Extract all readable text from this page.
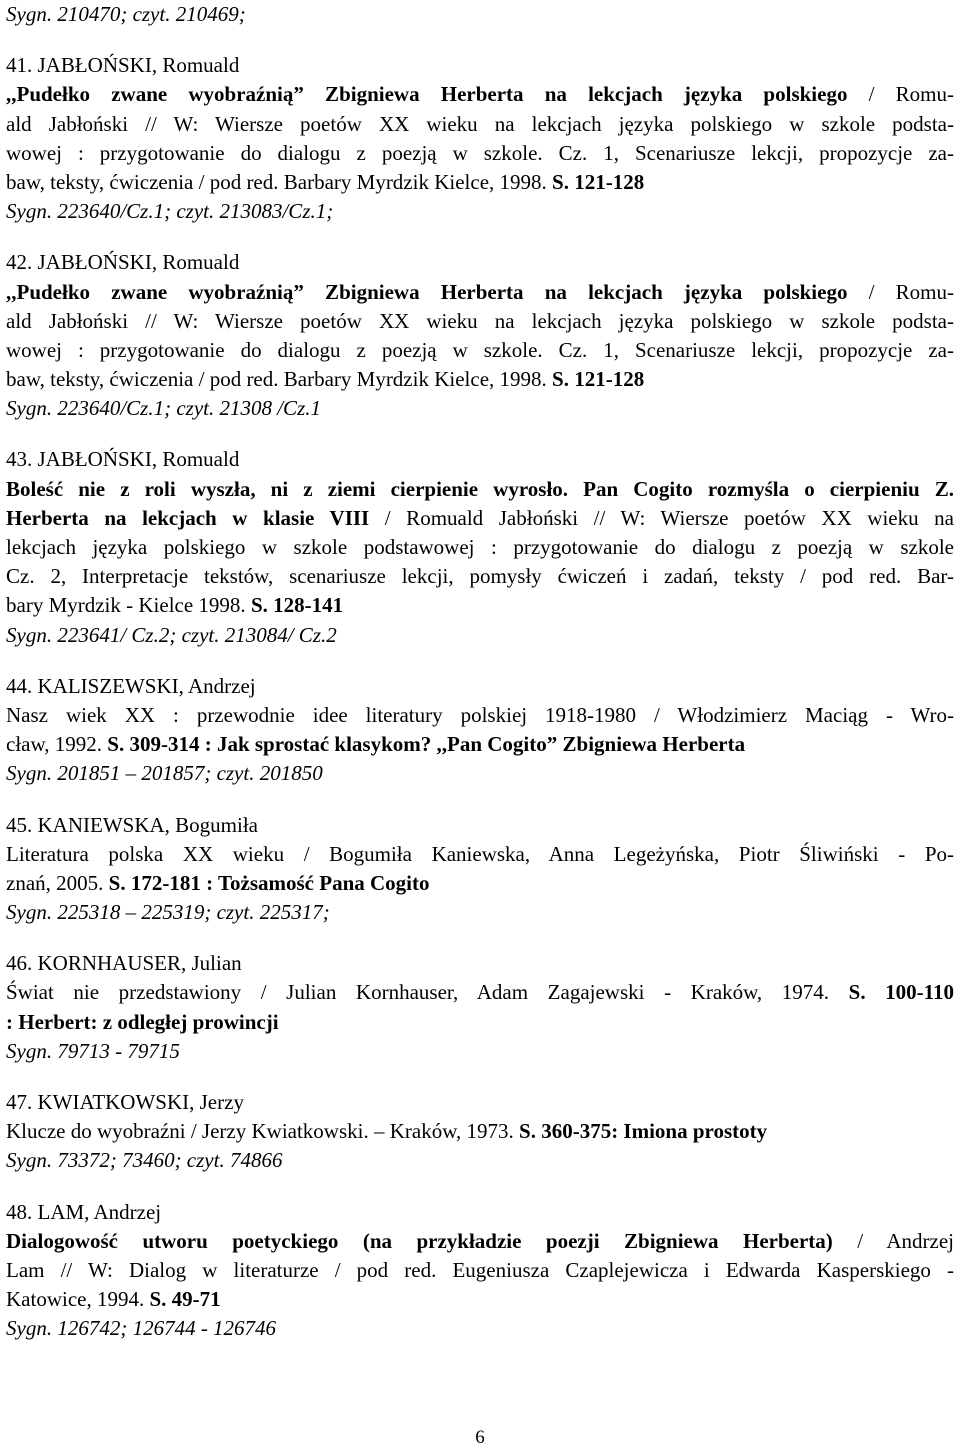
Sygn. 210470; czyt. 210469;
41. JABŁOŃSKI, Romuald
,,Pudełko zwane wyobraźnią” Zbigniewa Herberta na lekcjach języka polskiego / Romu-
ald Jabłoński // W: Wiersze poetów XX wieku na lekcjach języka polskiego w szkole podsta-
wowej : przygotowanie do dialogu z poezją w szkole. Cz. 1, Scenariusze lekcji, propozycje za-
baw, teksty, ćwiczenia / pod red. Barbary Myrdzik Kielce, 1998. S. 121-128
Sygn. 223640/Cz.1; czyt. 213083/Cz.1;
42. JABŁOŃSKI, Romuald
,,Pudełko zwane wyobraźnią” Zbigniewa Herberta na lekcjach języka polskiego / Romu-
ald Jabłoński // W: Wiersze poetów XX wieku na lekcjach języka polskiego w szkole podsta-
wowej : przygotowanie do dialogu z poezją w szkole. Cz. 1, Scenariusze lekcji, propozycje za-
baw, teksty, ćwiczenia / pod red. Barbary Myrdzik Kielce, 1998. S. 121-128
Sygn. 223640/Cz.1; czyt. 21308 /Cz.1
43. JABŁOŃSKI, Romuald
Boleść nie z roli wyszła, ni z ziemi cierpienie wyrosło. Pan Cogito rozmyśla o cierpieniu Z.
Herberta na lekcjach w klasie VIII / Romuald Jabłoński // W: Wiersze poetów XX wieku na
lekcjach języka polskiego w szkole podstawowej : przygotowanie do dialogu z poezją w szkole
Cz. 2, Interpretacje tekstów, scenariusze lekcji, pomysły ćwiczeń i zadań, teksty / pod red. Bar-
bary Myrdzik - Kielce 1998. S. 128-141
Sygn. 223641/ Cz.2; czyt. 213084/ Cz.2
44. KALISZEWSKI, Andrzej
Nasz wiek XX : przewodnie idee literatury polskiej 1918-1980 / Włodzimierz Maciąg - Wro-
cław, 1992. S. 309-314 : Jak sprostać klasykom? ,,Pan Cogito” Zbigniewa Herberta
Sygn. 201851 – 201857; czyt. 201850
45. KANIEWSKA, Bogumiła
Literatura polska XX wieku / Bogumiła Kaniewska, Anna Legeżyńska, Piotr Śliwiński - Po-
znań, 2005. S. 172-181 : Tożsamość Pana Cogito
Sygn. 225318 – 225319; czyt. 225317;
46. KORNHAUSER, Julian
Świat nie przedstawiony / Julian Kornhauser, Adam Zagajewski - Kraków, 1974. S. 100-110
: Herbert: z odległej prowincji
Sygn. 79713 - 79715
47. KWIATKOWSKI, Jerzy
Klucze do wyobraźni / Jerzy Kwiatkowski. – Kraków, 1973. S. 360-375: Imiona prostoty
Sygn. 73372; 73460; czyt. 74866
48. LAM, Andrzej
Dialogowość utworu poetyckiego (na przykładzie poezji Zbigniewa Herberta) / Andrzej
Lam // W: Dialog w literaturze / pod red. Eugeniusza Czaplejewicza i Edwarda Kasperskiego -
Katowice, 1994. S. 49-71
Sygn. 126742; 126744 - 126746
6
